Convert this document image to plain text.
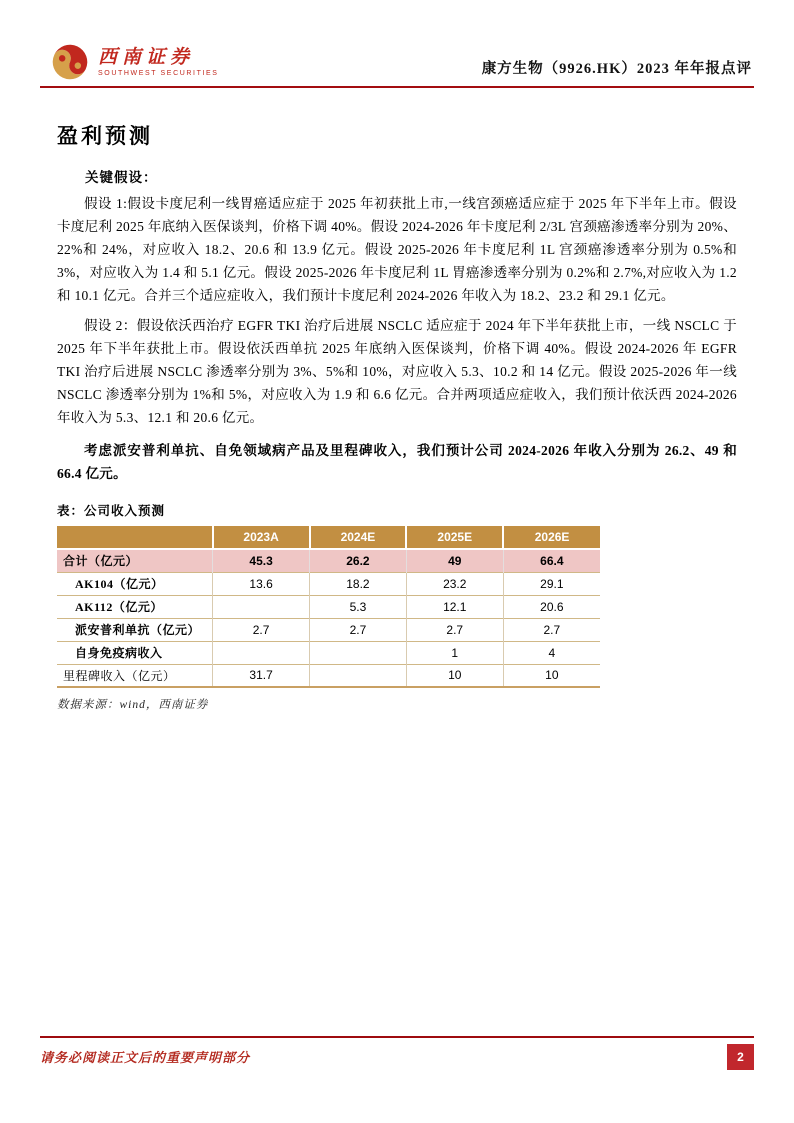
西南证券
SOUTHWEST SECURITIES	康方生物（9926.HK）2023 年年报点评
盈利预测
关键假设：

假设 1:假设卡度尼利一线胃癌适应症于 2025 年初获批上市,一线宫颈癌适应症于 2025 年下半年上市。假设卡度尼利 2025 年底纳入医保谈判，价格下调 40%。假设 2024-2026 年卡度尼利 2/3L 宫颈癌渗透率分别为 20%、22%和 24%，对应收入 18.2、20.6 和 13.9 亿元。假设 2025-2026 年卡度尼利 1L 宫颈癌渗透率分别为 0.5%和 3%，对应收入为 1.4 和 5.1 亿元。假设 2025-2026 年卡度尼利 1L 胃癌渗透率分别为 0.2%和 2.7%,对应收入为 1.2 和 10.1 亿元。合并三个适应症收入，我们预计卡度尼利 2024-2026 年收入为 18.2、23.2 和 29.1 亿元。

假设 2：假设依沃西治疗 EGFR TKI 治疗后进展 NSCLC 适应症于 2024 年下半年获批上市，一线 NSCLC 于 2025 年下半年获批上市。假设依沃西单抗 2025 年底纳入医保谈判，价格下调 40%。假设 2024-2026 年 EGFR TKI 治疗后进展 NSCLC 渗透率分别为 3%、5%和 10%，对应收入 5.3、10.2 和 14 亿元。假设 2025-2026 年一线 NSCLC 渗透率分别为 1%和 5%，对应收入为 1.9 和 6.6 亿元。合并两项适应症收入，我们预计依沃西 2024-2026 年收入为 5.3、12.1 和 20.6 亿元。

考虑派安普利单抗、自免领域病产品及里程碑收入，我们预计公司 2024-2026 年收入分别为 26.2、49 和 66.4 亿元。

表：公司收入预测
	2023A	2024E	2025E	2026E
合计（亿元）	45.3	26.2	49	66.4
AK104（亿元）	13.6	18.2	23.2	29.1
AK112（亿元）		5.3	12.1	20.6
派安普利单抗（亿元）	2.7	2.7	2.7	2.7
自身免疫病收入			1	4
里程碑收入（亿元）	31.7		10	10
数据来源：wind，西南证券
请务必阅读正文后的重要声明部分	2
